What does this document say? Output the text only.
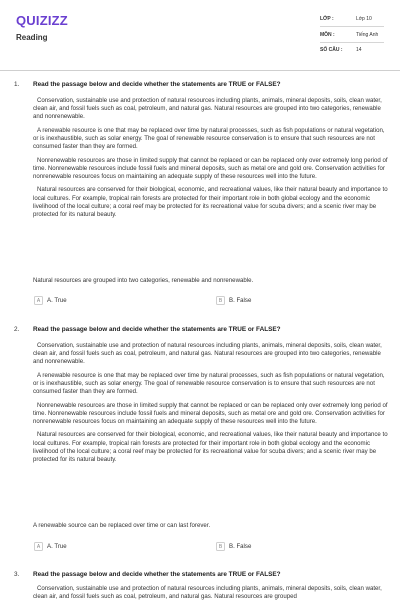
QUIZIZZ
Reading
LỚP :	Lớp 10
MÔN :	Tiếng Anh
SỐ CÂU :	14
1. Read the passage below and decide whether the statements are TRUE or FALSE?

Conservation, sustainable use and protection of natural resources including plants, animals, mineral deposits, soils, clean water, clean air, and fossil fuels such as coal, petroleum, and natural gas. Natural resources are grouped into two categories, renewable and nonrenewable.

A renewable resource is one that may be replaced over time by natural processes, such as fish populations or natural vegetation, or is inexhaustible, such as solar energy. The goal of renewable resource conservation is to ensure that such resources are not consumed faster than they are formed.

Nonrenewable resources are those in limited supply that cannot be replaced or can be replaced only over extremely long period of time. Nonrenewable resources include fossil fuels and mineral deposits, such as metal ore and gold ore. Conservation activities for nonrenewable resources focus on maintaining an adequate supply of these resources well into the future.

Natural resources are conserved for their biological, economic, and recreational values, like their natural beauty and importance to local cultures. For example, tropical rain forests are protected for their important role in both global ecology and the economic livelihood of the local culture; a coral reef may be protected for its recreational value for scuba divers; and a scenic river may be protected for its natural beauty.

Natural resources are grouped into two categories, renewable and nonrenewable.
A	A. True	B	B. False
2. Read the passage below and decide whether the statements are TRUE or FALSE?

Conservation, sustainable use and protection of natural resources including plants, animals, mineral deposits, soils, clean water, clean air, and fossil fuels such as coal, petroleum, and natural gas. Natural resources are grouped into two categories, renewable and nonrenewable.

A renewable resource is one that may be replaced over time by natural processes, such as fish populations or natural vegetation, or is inexhaustible, such as solar energy. The goal of renewable resource conservation is to ensure that such resources are not consumed faster than they are formed.

Nonrenewable resources are those in limited supply that cannot be replaced or can be replaced only over extremely long period of time. Nonrenewable resources include fossil fuels and mineral deposits, such as metal ore and gold ore. Conservation activities for nonrenewable resources focus on maintaining an adequate supply of these resources well into the future.

Natural resources are conserved for their biological, economic, and recreational values, like their natural beauty and importance to local cultures. For example, tropical rain forests are protected for their important role in both global ecology and the economic livelihood of the local culture; a coral reef may be protected for its recreational value for scuba divers; and a scenic river may be protected for its natural beauty.

A renewable source can be replaced over time or can last forever.
A	A. True	B	B. False
3. Read the passage below and decide whether the statements are TRUE or FALSE?

Conservation, sustainable use and protection of natural resources including plants, animals, mineral deposits, soils, clean water, clean air, and fossil fuels such as coal, petroleum, and natural gas. Natural resources are grouped
